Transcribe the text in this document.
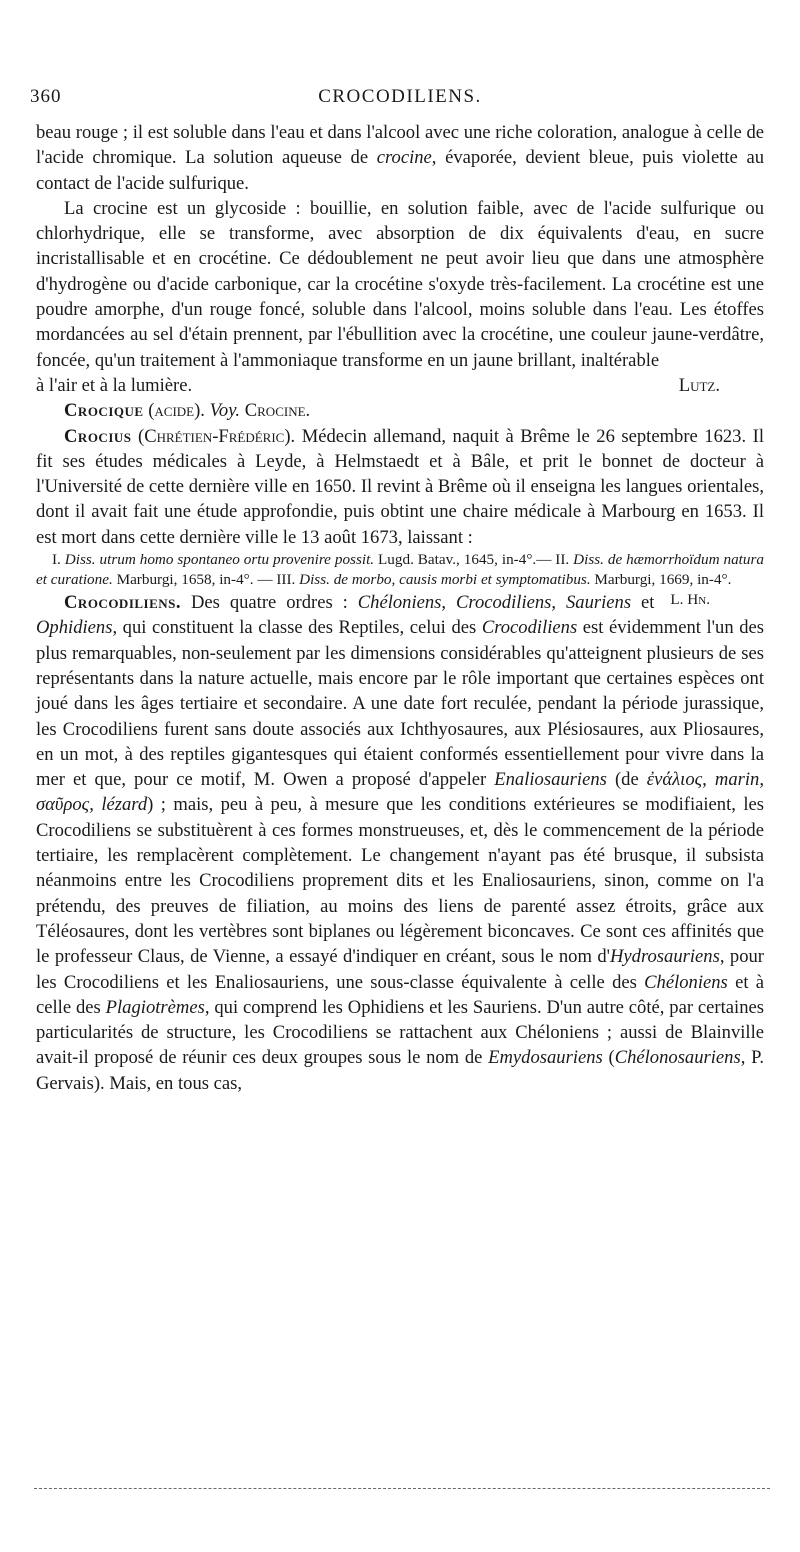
360	CROCODILIENS.

beau rouge ; il est soluble dans l'eau et dans l'alcool avec une riche coloration, analogue à celle de l'acide chromique. La solution aqueuse de crocine, évaporée, devient bleue, puis violette au contact de l'acide sulfurique.

La crocine est un glycoside : bouillie, en solution faible, avec de l'acide sulfurique ou chlorhydrique, elle se transforme, avec absorption de dix équivalents d'eau, en sucre incristallisable et en crocétine. Ce dédoublement ne peut avoir lieu que dans une atmosphère d'hydrogène ou d'acide carbonique, car la crocétine s'oxyde très-facilement. La crocétine est une poudre amorphe, d'un rouge foncé, soluble dans l'alcool, moins soluble dans l'eau. Les étoffes mordancées au sel d'étain prennent, par l'ébullition avec la crocétine, une couleur jaune-verdâtre, foncée, qu'un traitement à l'ammoniaque transforme en un jaune brillant, inaltérable

à l'air et à la lumière.	Lutz.

Crocique (acide). Voy. Crocine.

Crocius (Chrétien-Frédéric). Médecin allemand, naquit à Brême le 26 septembre 1623. Il fit ses études médicales à Leyde, à Helmstaedt et à Bâle, et prit le bonnet de docteur à l'Université de cette dernière ville en 1650. Il revint à Brême où il enseigna les langues orientales, dont il avait fait une étude approfondie, puis obtint une chaire médicale à Marbourg en 1653. Il est mort dans cette dernière ville le 13 août 1673, laissant :

I. Diss. utrum homo spontaneo ortu provenire possit. Lugd. Batav., 1645, in-4°.— II. Diss. de hæmorrhoïdum natura et curatione. Marburgi, 1658, in-4°. — III. Diss. de morbo, causis morbi et symptomatibus. Marburgi, 1669, in-4°.
L. Hn.

Crocodiliens. Des quatre ordres : Chéloniens, Crocodiliens, Sauriens et Ophidiens, qui constituent la classe des Reptiles, celui des Crocodiliens est évidemment l'un des plus remarquables, non-seulement par les dimensions considérables qu'atteignent plusieurs de ses représentants dans la nature actuelle, mais encore par le rôle important que certaines espèces ont joué dans les âges tertiaire et secondaire. A une date fort reculée, pendant la période jurassique, les Crocodiliens furent sans doute associés aux Ichthyosaures, aux Plésiosaures, aux Pliosaures, en un mot, à des reptiles gigantesques qui étaient conformés essentiellement pour vivre dans la mer et que, pour ce motif, M. Owen a proposé d'appeler Enaliosauriens (de ἐνάλιος, marin, σαῦρος, lézard) ; mais, peu à peu, à mesure que les conditions extérieures se modifiaient, les Crocodiliens se substituèrent à ces formes monstrueuses, et, dès le commencement de la période tertiaire, les remplacèrent complètement. Le changement n'ayant pas été brusque, il subsista néanmoins entre les Crocodiliens proprement dits et les Enaliosauriens, sinon, comme on l'a prétendu, des preuves de filiation, au moins des liens de parenté assez étroits, grâce aux Téléosaures, dont les vertèbres sont biplanes ou légèrement biconcaves. Ce sont ces affinités que le professeur Claus, de Vienne, a essayé d'indiquer en créant, sous le nom d'Hydrosauriens, pour les Crocodiliens et les Enaliosauriens, une sous-classe équivalente à celle des Chéloniens et à celle des Plagiotrèmes, qui comprend les Ophidiens et les Sauriens. D'un autre côté, par certaines particularités de structure, les Crocodiliens se rattachent aux Chéloniens ; aussi de Blainville avait-il proposé de réunir ces deux groupes sous le nom de Emydosauriens (Chélonosauriens, P. Gervais). Mais, en tous cas,
